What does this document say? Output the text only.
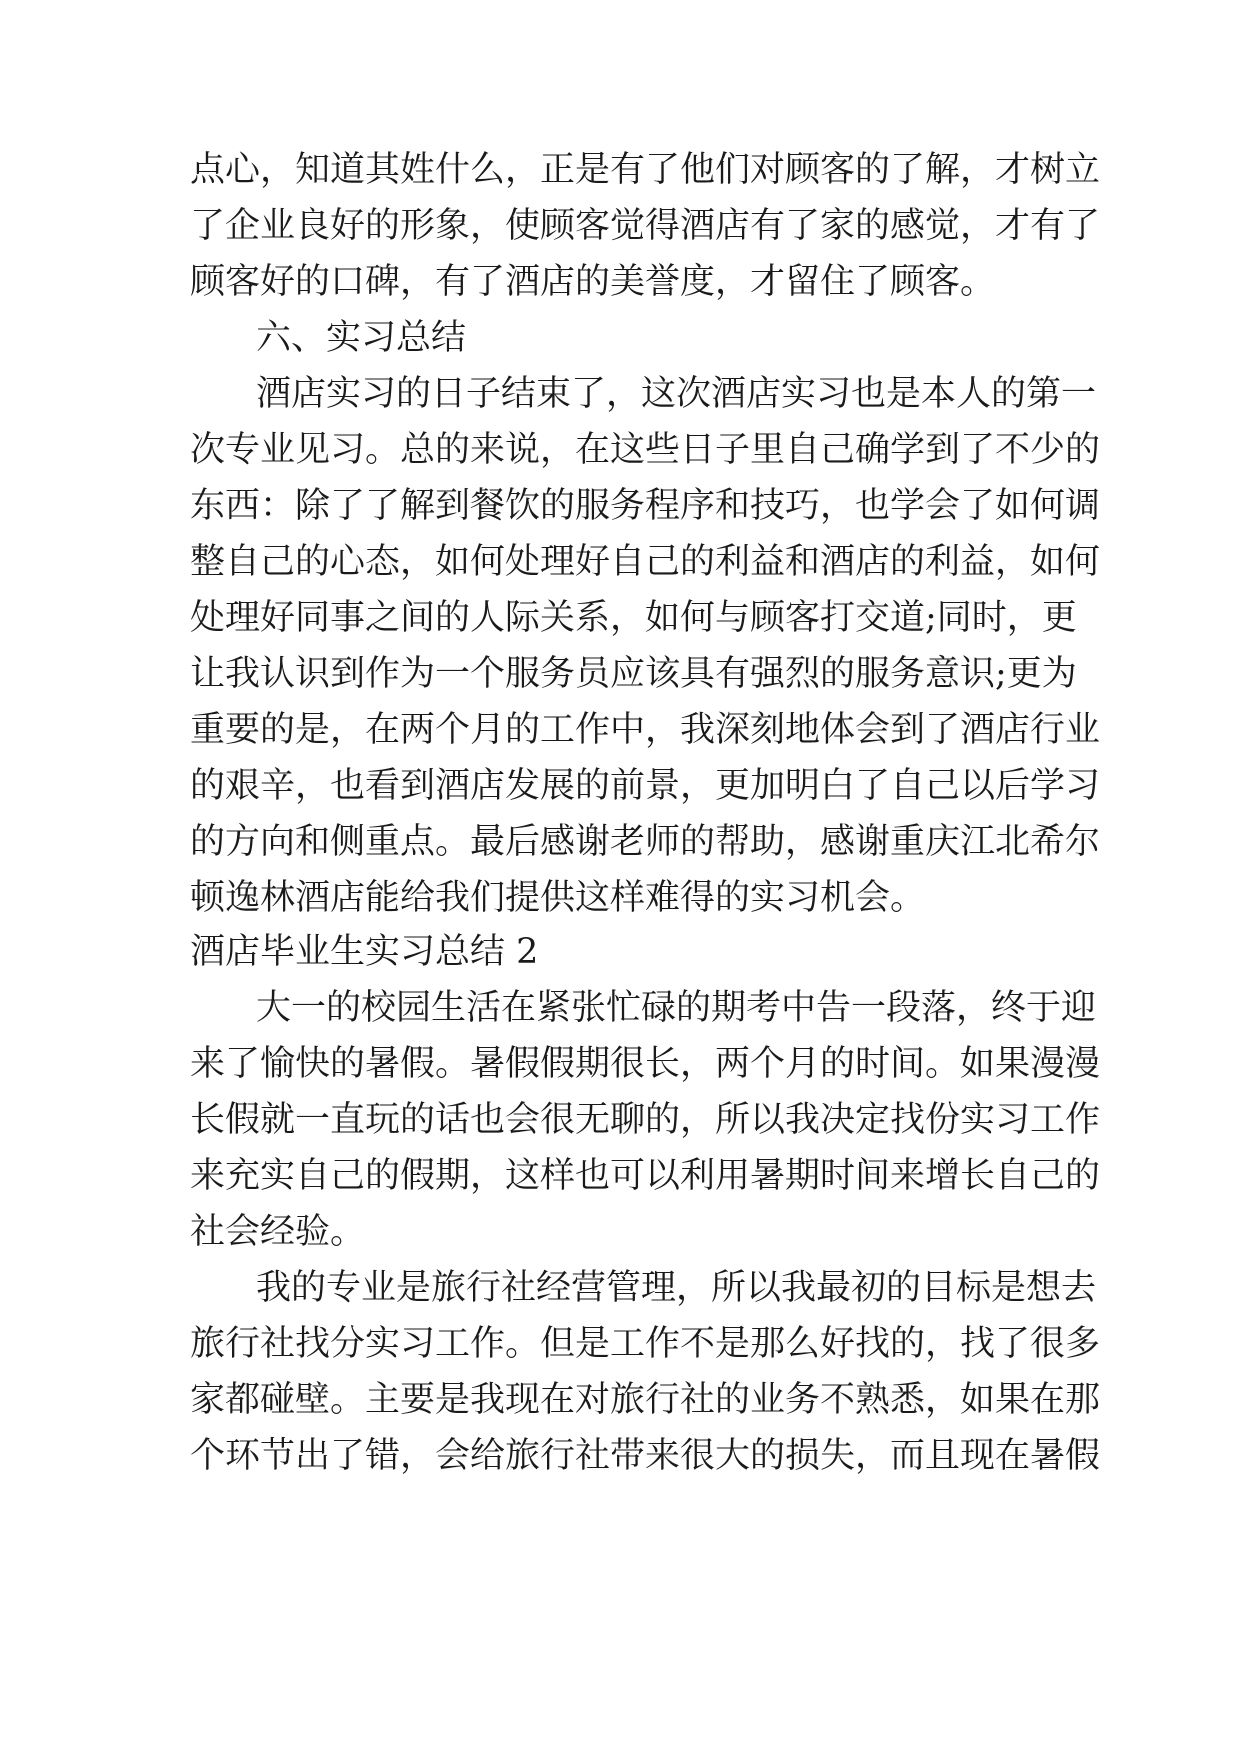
点心，知道其姓什么，正是有了他们对顾客的了解，才树立
了企业良好的形象，使顾客觉得酒店有了家的感觉，才有了
顾客好的口碑，有了酒店的美誉度，才留住了顾客。
六、实习总结
酒店实习的日子结束了，这次酒店实习也是本人的第一
次专业见习。总的来说，在这些日子里自己确学到了不少的
东西：除了了解到餐饮的服务程序和技巧，也学会了如何调
整自己的心态，如何处理好自己的利益和酒店的利益，如何
处理好同事之间的人际关系，如何与顾客打交道;同时，更
让我认识到作为一个服务员应该具有强烈的服务意识;更为
重要的是，在两个月的工作中，我深刻地体会到了酒店行业
的艰辛，也看到酒店发展的前景，更加明白了自己以后学习
的方向和侧重点。最后感谢老师的帮助，感谢重庆江北希尔
顿逸林酒店能给我们提供这样难得的实习机会。
酒店毕业生实习总结 2
大一的校园生活在紧张忙碌的期考中告一段落，终于迎
来了愉快的暑假。暑假假期很长，两个月的时间。如果漫漫
长假就一直玩的话也会很无聊的，所以我决定找份实习工作
来充实自己的假期，这样也可以利用暑期时间来增长自己的
社会经验。
我的专业是旅行社经营管理，所以我最初的目标是想去
旅行社找分实习工作。但是工作不是那么好找的，找了很多
家都碰壁。主要是我现在对旅行社的业务不熟悉，如果在那
个环节出了错，会给旅行社带来很大的损失，而且现在暑假
